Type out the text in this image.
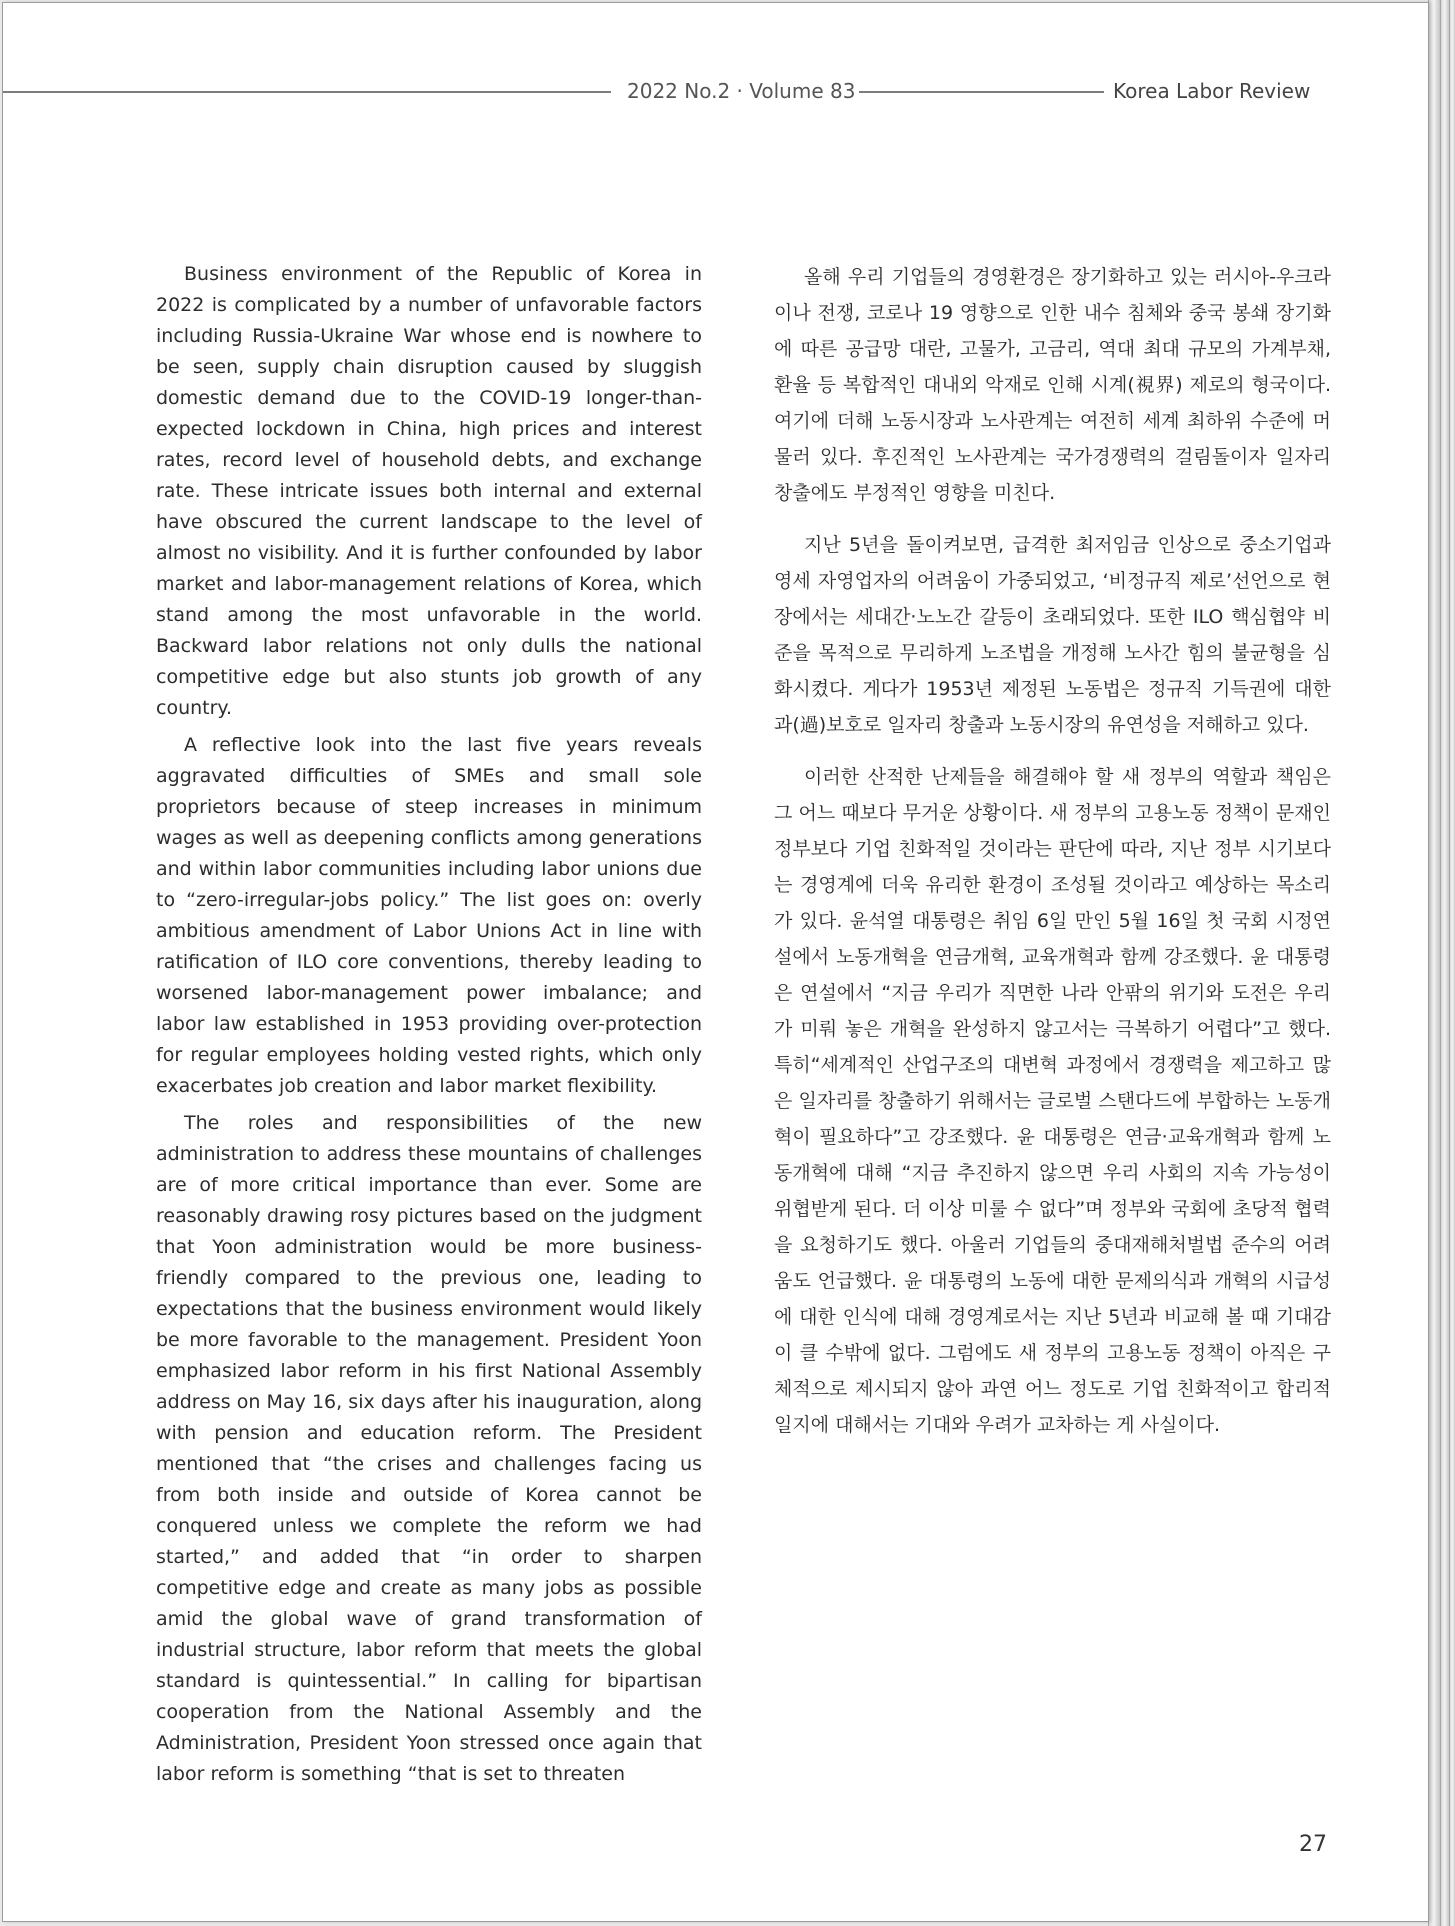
2022 No.2 · Volume 83	Korea Labor Review

Business environment of the Republic of Korea in 2022 is complicated by a number of unfavorable factors including Russia-Ukraine War whose end is nowhere to be seen, supply chain disruption caused by sluggish domestic demand due to the COVID-19 longer-than-expected lockdown in China, high prices and interest rates, record level of household debts, and exchange rate. These intricate issues both internal and external have obscured the current landscape to the level of almost no visibility. And it is further confounded by labor market and labor-management relations of Korea, which stand among the most unfavorable in the world. Backward labor relations not only dulls the national competitive edge but also stunts job growth of any country.

A reflective look into the last five years reveals aggravated difficulties of SMEs and small sole proprietors because of steep increases in minimum wages as well as deepening conflicts among generations and within labor communities including labor unions due to “zero-irregular-jobs policy.” The list goes on: overly ambitious amendment of Labor Unions Act in line with ratification of ILO core conventions, thereby leading to worsened labor-management power imbalance; and labor law established in 1953 providing over-protection for regular employees holding vested rights, which only exacerbates job creation and labor market flexibility.

The roles and responsibilities of the new administration to address these mountains of challenges are of more critical importance than ever. Some are reasonably drawing rosy pictures based on the judgment that Yoon administration would be more business-friendly compared to the previous one, leading to expectations that the business environment would likely be more favorable to the management. President Yoon emphasized labor reform in his first National Assembly address on May 16, six days after his inauguration, along with pension and education reform. The President mentioned that “the crises and challenges facing us from both inside and outside of Korea cannot be conquered unless we complete the reform we had started,” and added that “in order to sharpen competitive edge and create as many jobs as possible amid the global wave of grand transformation of industrial structure, labor reform that meets the global standard is quintessential.” In calling for bipartisan cooperation from the National Assembly and the Administration, President Yoon stressed once again that labor reform is something “that is set to threaten

올해 우리 기업들의 경영환경은 장기화하고 있는 러시아-우크라이나 전쟁, 코로나 19 영향으로 인한 내수 침체와 중국 봉쇄 장기화에 따른 공급망 대란, 고물가, 고금리, 역대 최대 규모의 가계부채, 환율 등 복합적인 대내외 악재로 인해 시계(視界) 제로의 형국이다. 여기에 더해 노동시장과 노사관계는 여전히 세계 최하위 수준에 머물러 있다. 후진적인 노사관계는 국가경쟁력의 걸림돌이자 일자리 창출에도 부정적인 영향을 미친다.

지난 5년을 돌이켜보면, 급격한 최저임금 인상으로 중소기업과 영세 자영업자의 어려움이 가중되었고, ‘비정규직 제로’선언으로 현장에서는 세대간·노노간 갈등이 초래되었다. 또한 ILO 핵심협약 비준을 목적으로 무리하게 노조법을 개정해 노사간 힘의 불균형을 심화시켰다. 게다가 1953년 제정된 노동법은 정규직 기득권에 대한 과(過)보호로 일자리 창출과 노동시장의 유연성을 저해하고 있다.

이러한 산적한 난제들을 해결해야 할 새 정부의 역할과 책임은 그 어느 때보다 무거운 상황이다. 새 정부의 고용노동 정책이 문재인 정부보다 기업 친화적일 것이라는 판단에 따라, 지난 정부 시기보다는 경영계에 더욱 유리한 환경이 조성될 것이라고 예상하는 목소리가 있다. 윤석열 대통령은 취임 6일 만인 5월 16일 첫 국회 시정연설에서 노동개혁을 연금개혁, 교육개혁과 함께 강조했다. 윤 대통령은 연설에서 “지금 우리가 직면한 나라 안팎의 위기와 도전은 우리가 미뤄 놓은 개혁을 완성하지 않고서는 극복하기 어렵다”고 했다. 특히“세계적인 산업구조의 대변혁 과정에서 경쟁력을 제고하고 많은 일자리를 창출하기 위해서는 글로벌 스탠다드에 부합하는 노동개혁이 필요하다”고 강조했다. 윤 대통령은 연금·교육개혁과 함께 노동개혁에 대해 “지금 추진하지 않으면 우리 사회의 지속 가능성이 위협받게 된다. 더 이상 미룰 수 없다”며 정부와 국회에 초당적 협력을 요청하기도 했다. 아울러 기업들의 중대재해처벌법 준수의 어려움도 언급했다. 윤 대통령의 노동에 대한 문제의식과 개혁의 시급성에 대한 인식에 대해 경영계로서는 지난 5년과 비교해 볼 때 기대감이 클 수밖에 없다. 그럼에도 새 정부의 고용노동 정책이 아직은 구체적으로 제시되지 않아 과연 어느 정도로 기업 친화적이고 합리적일지에 대해서는 기대와 우려가 교차하는 게 사실이다.

27
